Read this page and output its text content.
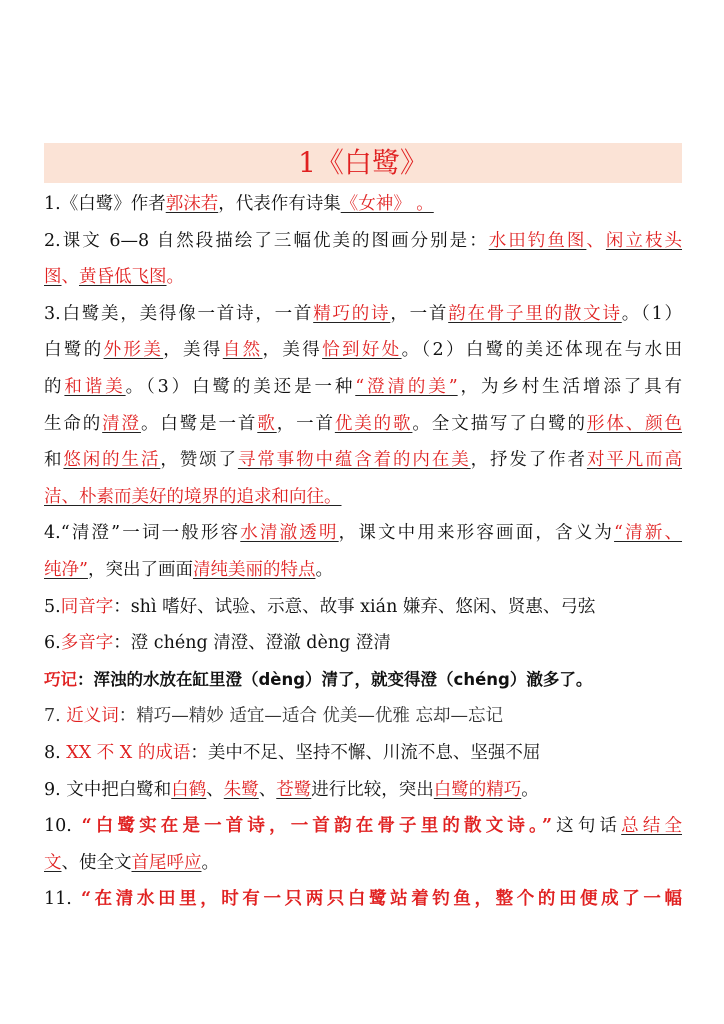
1《白鹭》
1.《白鹭》作者郭沫若，代表作有诗集《女神》 。
2.课文 6—8 自然段描绘了三幅优美的图画分别是：水田钓鱼图、闲立枝头
图、黄昏低飞图。
3.白鹭美，美得像一首诗，一首精巧的诗，一首韵在骨子里的散文诗。（1）
白鹭的外形美，美得自然，美得恰到好处。（2）白鹭的美还体现在与水田
的和谐美。（3）白鹭的美还是一种“澄清的美”，为乡村生活增添了具有
生命的清澄。白鹭是一首歌，一首优美的歌。全文描写了白鹭的形体、颜色
和悠闲的生活，赞颂了寻常事物中蕴含着的内在美，抒发了作者对平凡而高
洁、朴素而美好的境界的追求和向往。
4.“清澄”一词一般形容水清澈透明，课文中用来形容画面，含义为“清新、
纯净”，突出了画面清纯美丽的特点。
5.同音字：shì 嗜好、试验、示意、故事 xián 嫌弃、悠闲、贤惠、弓弦
6.多音字：澄 chéng 清澄、澄澈 dèng 澄清
巧记：浑浊的水放在缸里澄（dèng）清了，就变得澄（chéng）澈多了。
7. 近义词：精巧—精妙 适宜—适合 优美—优雅 忘却—忘记
8. XX 不 X 的成语：美中不足、坚持不懈、川流不息、坚强不屈
9. 文中把白鹭和白鹤、朱鹭、苍鹭进行比较，突出白鹭的精巧。
10. “白鹭实在是一首诗，一首韵在骨子里的散文诗。”这句话总结全
文、使全文首尾呼应。
11. “在清水田里，时有一只两只白鹭站着钓鱼，整个的田便成了一幅
